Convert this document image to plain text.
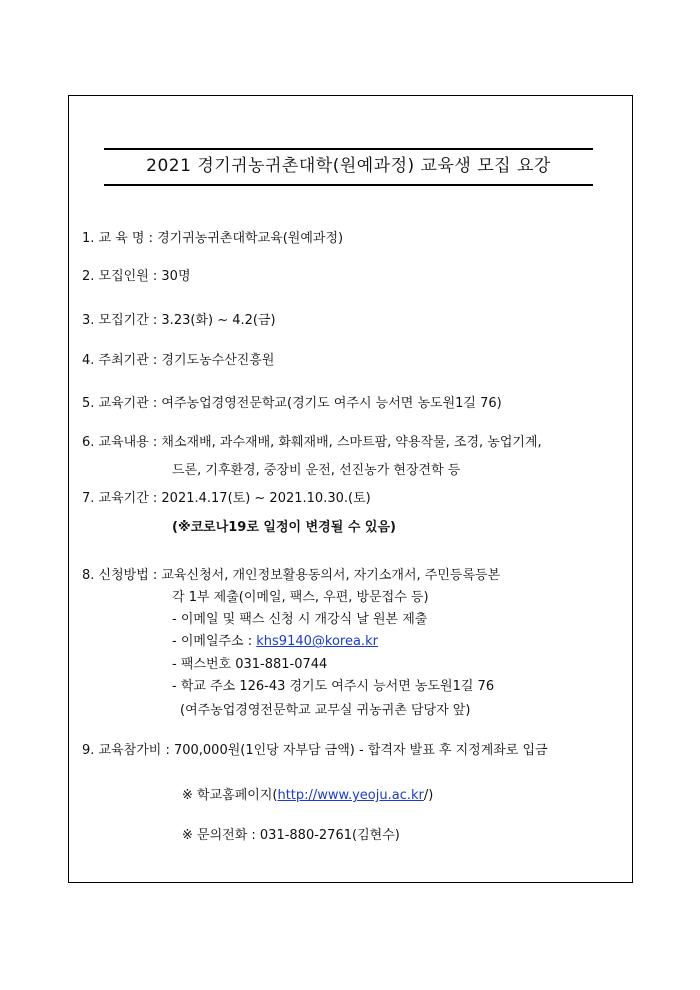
2021 경기귀농귀촌대학(원예과정) 교육생 모집 요강
1. 교 육 명 : 경기귀농귀촌대학교육(원예과정)
2. 모집인원 : 30명
3. 모집기간 : 3.23(화) ~ 4.2(금)
4. 주최기관 : 경기도농수산진흥원
5. 교육기관 : 여주농업경영전문학교(경기도 여주시 능서면 농도원1길 76)
6. 교육내용 : 채소재배, 과수재배, 화훼재배, 스마트팜, 약용작물, 조경, 농업기계,
드론, 기후환경, 중장비 운전, 선진농가 현장견학 등
7. 교육기간 : 2021.4.17(토) ~ 2021.10.30.(토)
(※코로나19로 일정이 변경될 수 있음)
8. 신청방법 : 교육신청서, 개인정보활용동의서, 자기소개서, 주민등록등본
각 1부 제출(이메일, 팩스, 우편, 방문접수 등)
- 이메일 및 팩스 신청 시 개강식 날 원본 제출
- 이메일주소 : khs9140@korea.kr
- 팩스번호 031-881-0744
- 학교 주소 126-43 경기도 여주시 능서면 농도원1길 76
(여주농업경영전문학교 교무실 귀농귀촌 담당자 앞)
9. 교육참가비 : 700,000원(1인당 자부담 금액) - 합격자 발표 후 지정계좌로 입금
※ 학교홈페이지(http://www.yeoju.ac.kr/)
※ 문의전화 : 031-880-2761(김현수)
